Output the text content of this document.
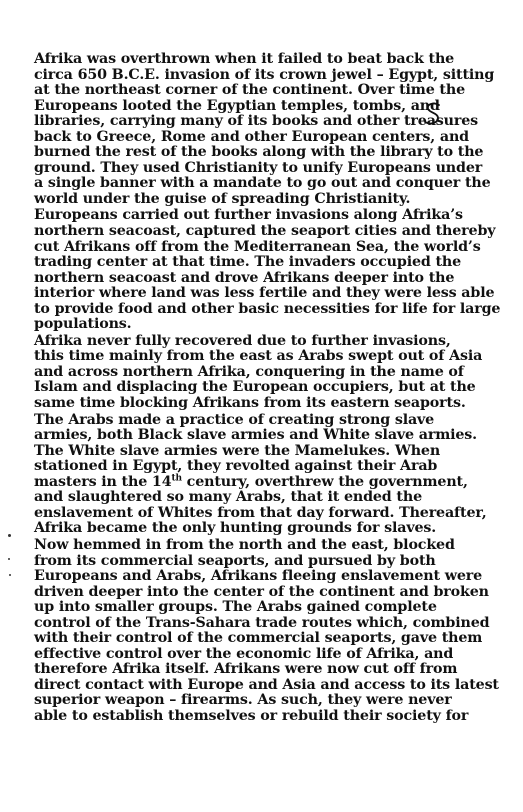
Afrika was overthrown when it failed to beat back the
circa 650 B.C.E. invasion of its crown jewel – Egypt, sitting
at the northeast corner of the continent. Over time the
Europeans looted the Egyptian temples, tombs, and
libraries, carrying many of its books and other treasures
back to Greece, Rome and other European centers, and
burned the rest of the books along with the library to the
ground. They used Christianity to unify Europeans under
a single banner with a mandate to go out and conquer the
world under the guise of spreading Christianity.

Europeans carried out further invasions along Afrika’s
northern seacoast, captured the seaport cities and thereby
cut Afrikans off from the Mediterranean Sea, the world’s
trading center at that time. The invaders occupied the
northern seacoast and drove Afrikans deeper into the
interior where land was less fertile and they were less able
to provide food and other basic necessities for life for large
populations.

Afrika never fully recovered due to further invasions,
this time mainly from the east as Arabs swept out of Asia
and across northern Afrika, conquering in the name of
Islam and displacing the European occupiers, but at the
same time blocking Afrikans from its eastern seaports.

The Arabs made a practice of creating strong slave
armies, both Black slave armies and White slave armies.
The White slave armies were the Mamelukes. When
stationed in Egypt, they revolted against their Arab
masters in the 14th century, overthrew the government,
and slaughtered so many Arabs, that it ended the
enslavement of Whites from that day forward. Thereafter,
Afrika became the only hunting grounds for slaves.

Now hemmed in from the north and the east, blocked
from its commercial seaports, and pursued by both
Europeans and Arabs, Afrikans fleeing enslavement were
driven deeper into the center of the continent and broken
up into smaller groups. The Arabs gained complete
control of the Trans-Sahara trade routes which, combined
with their control of the commercial seaports, gave them
effective control over the economic life of Afrika, and
therefore Afrika itself. Afrikans were now cut off from
direct contact with Europe and Asia and access to its latest
superior weapon – firearms. As such, they were never
able to establish themselves or rebuild their society for
